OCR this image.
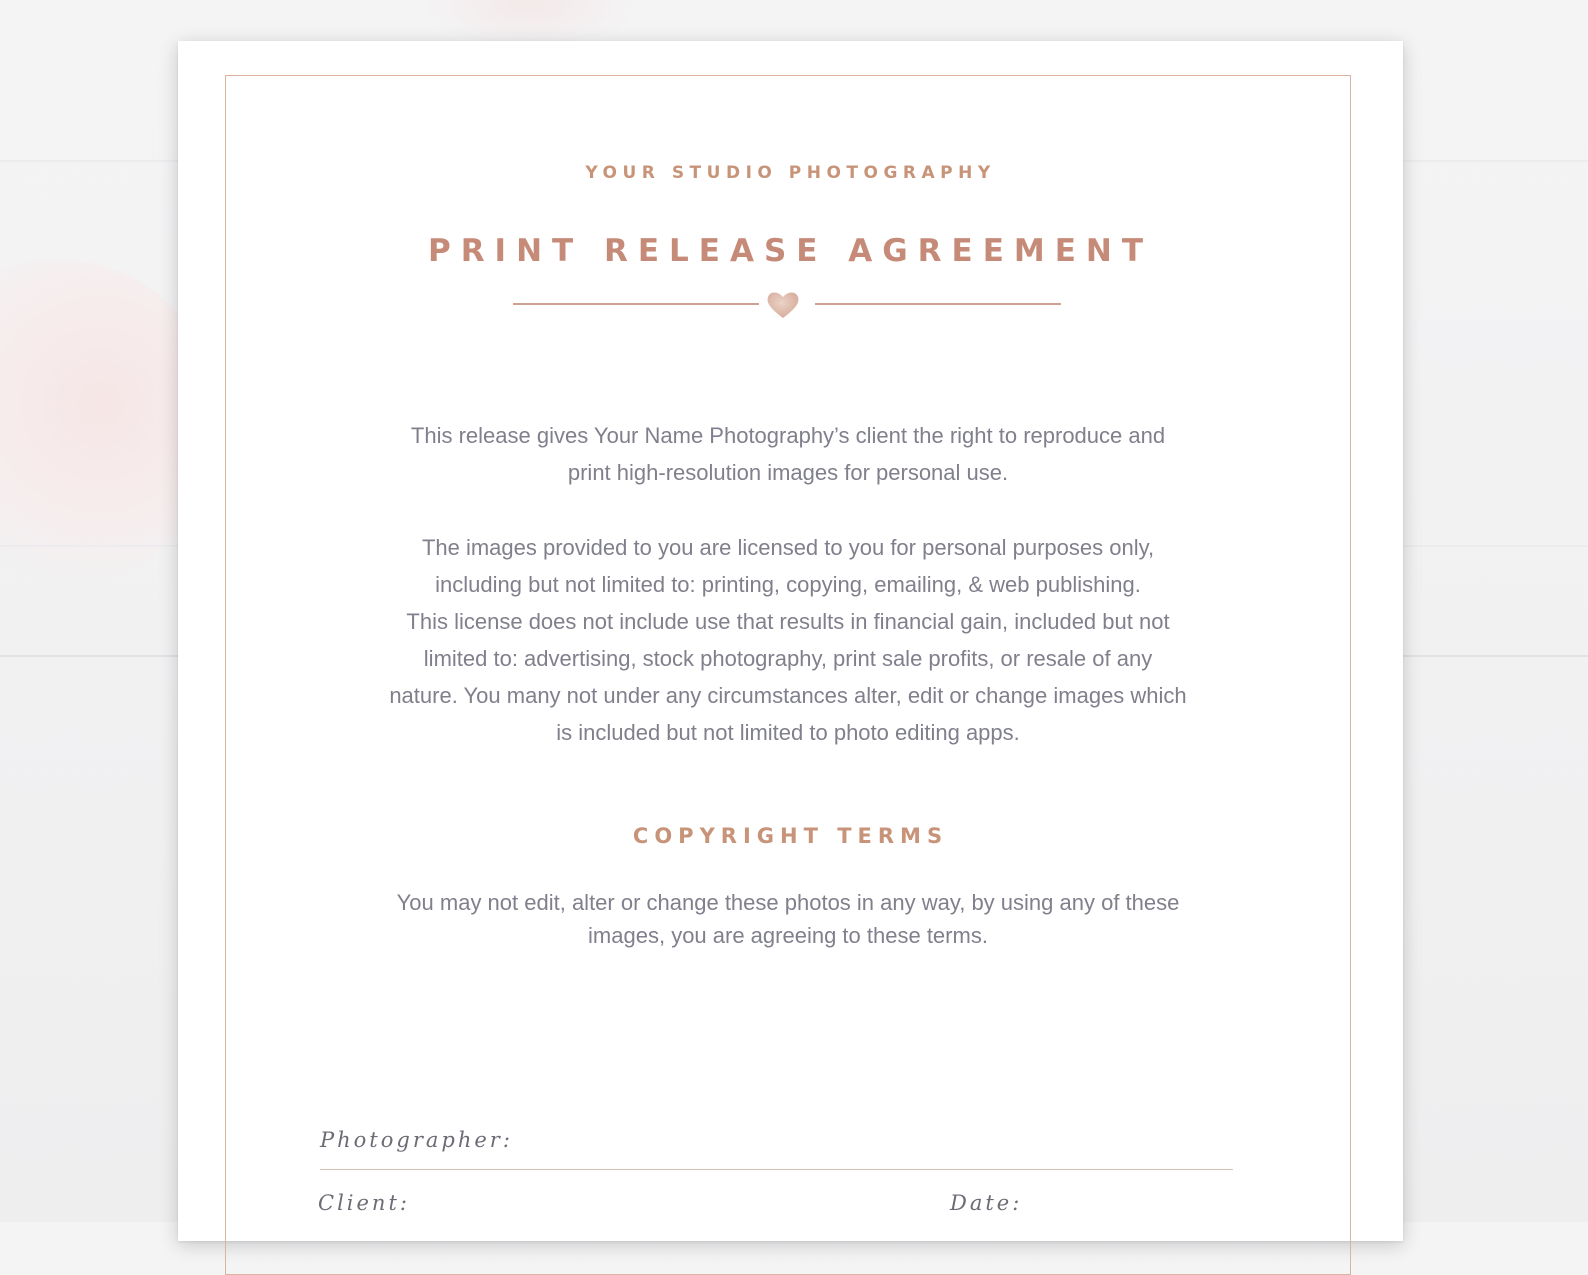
YOUR STUDIO PHOTOGRAPHY
PRINT RELEASE AGREEMENT
This release gives Your Name Photography’s client the right to reproduce and
print high-resolution images for personal use.
The images provided to you are licensed to you for personal purposes only,
including but not limited to: printing, copying, emailing, & web publishing.
This license does not include use that results in financial gain, included but not
limited to: advertising, stock photography, print sale profits, or resale of any
nature. You many not under any circumstances alter, edit or change images which
is included but not limited to photo editing apps.
COPYRIGHT TERMS
You may not edit, alter or change these photos in any way, by using any of these
images, you are agreeing to these terms.
Photographer:
Client:	Date:
